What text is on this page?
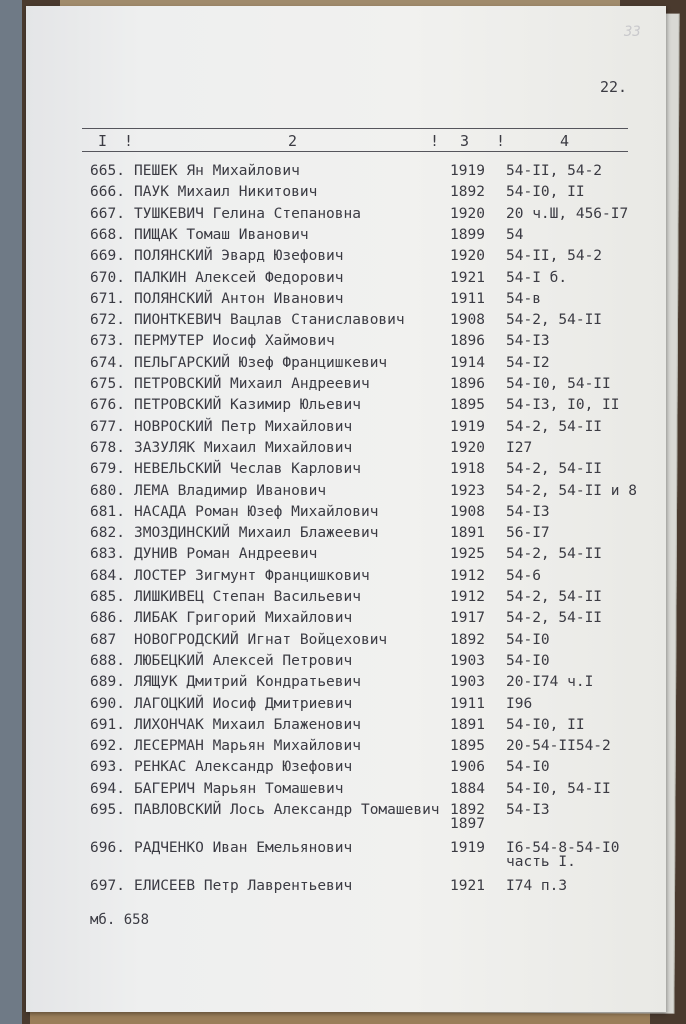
33
22.
I !	2	! 3 !	4
665. ПЕШЕК Ян Михайлович	1919 54-II, 54-2
666. ПАУК Михаил Никитович	1892 54-I0, II
667. ТУШКЕВИЧ Гелина Степановна	1920 20 ч.Ш, 456-I7
668. ПИЩАК Томаш Иванович	1899 54
669. ПОЛЯНСКИЙ Эвард Юзефович	1920 54-II, 54-2
670. ПАЛКИН Алексей Федорович	1921 54-I б.
671. ПОЛЯНСКИЙ Антон Иванович	1911 54-в
672. ПИОНТКЕВИЧ Вацлав Станиславович	1908 54-2, 54-II
673. ПЕРМУТЕР Иосиф Хаймович	1896 54-I3
674. ПЕЛЬГАРСКИЙ Юзеф Францишкевич	1914 54-I2
675. ПЕТРОВСКИЙ Михаил Андреевич	1896 54-I0, 54-II
676. ПЕТРОВСКИЙ Казимир Юльевич	1895 54-I3, I0, II
677. НОВРОСКИЙ Петр Михайлович	1919 54-2, 54-II
678. ЗАЗУЛЯК Михаил Михайлович	1920 I27
679. НЕВЕЛЬСКИЙ Чеслав Карлович	1918 54-2, 54-II
680. ЛЕМА Владимир Иванович	1923 54-2, 54-II и 8
681. НАСАДА Роман Юзеф Михайлович	1908 54-I3
682. ЗМОЗДИНСКИЙ Михаил Блажеевич	1891 56-I7
683. ДУНИВ Роман Андреевич	1925 54-2, 54-II
684. ЛОСТЕР Зигмунт Францишкович	1912 54-6
685. ЛИШКИВЕЦ Степан Васильевич	1912 54-2, 54-II
686. ЛИБАК Григорий Михайлович	1917 54-2, 54-II
687 НОВОГРОДСКИЙ Игнат Войцехович	1892 54-I0
688. ЛЮБЕЦКИЙ Алексей Петрович	1903 54-I0
689. ЛЯЩУК Дмитрий Кондратьевич	1903 20-I74 ч.I
690. ЛАГОЦКИЙ Иосиф Дмитриевич	1911 I96
691. ЛИХОНЧАК Михаил Блаженович	1891 54-I0, II
692. ЛЕСЕРМАН Марьян Михайлович	1895 20-54-II54-2
693. РЕНКАС Александр Юзефович	1906 54-I0
694. БАГЕРИЧ Марьян Томашевич	1884 54-I0, 54-II
695. ПАВЛОВСКИЙ Лось Александр Томашевич 1892 54-I3
1897
696. РАДЧЕНКО Иван Емельянович	1919 I6-54-8-54-I0
часть I.
697. ЕЛИСЕЕВ Петр Лаврентьевич	1921 I74 п.3
мб. 658
